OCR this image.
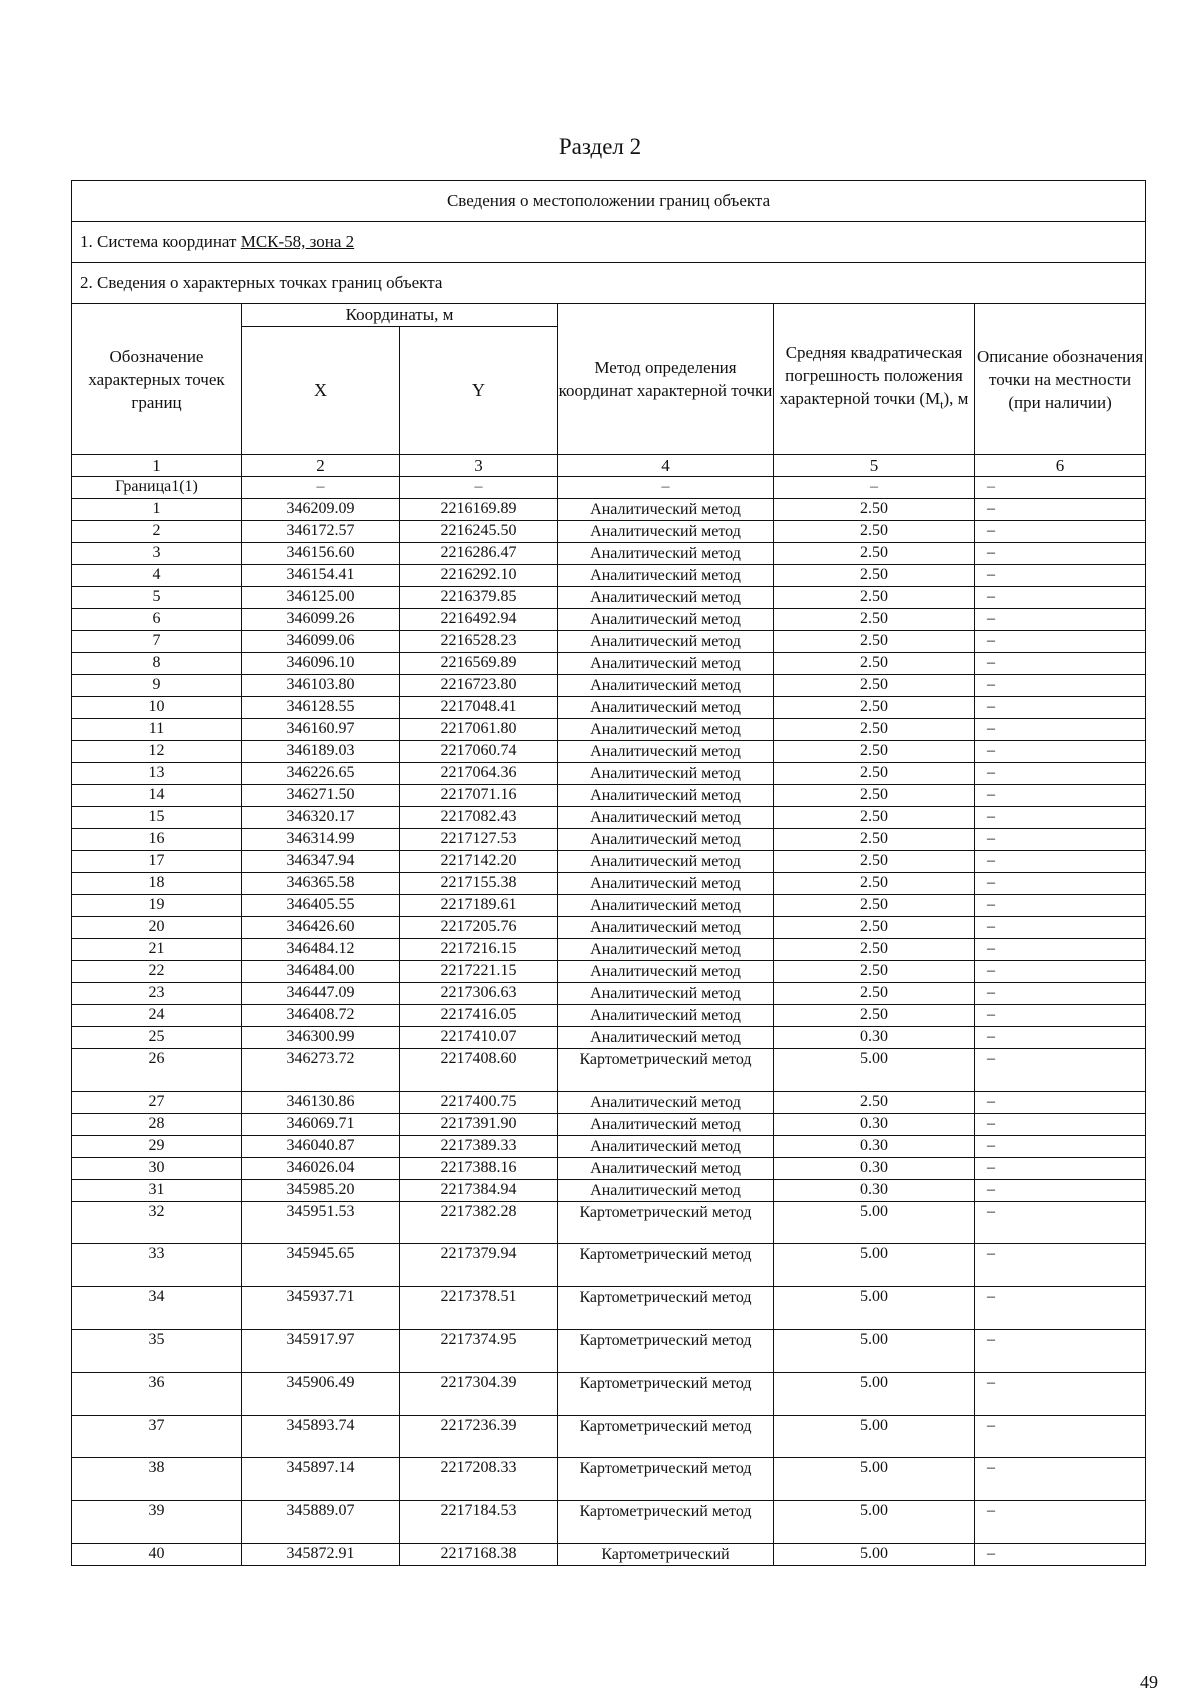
Раздел 2
Сведения о местоположении границ объекта					
1. Система координат МСК-58, зона 2					
2. Сведения о характерных точках границ объекта					
Обозначение характерных точек границ	Координаты, м		Метод определения координат характерной точки	Средняя квадратическая погрешность положения характерной точки $(M_t)$, м	Описание обозначения точки на местности (при наличии)
	X	Y			
1	2	3	4	5	6
Граница1(1)	–	–	–	–	–
1	346209.09	2216169.89	Аналитический метод	2.50	–
2	346172.57	2216245.50	Аналитический метод	2.50	–
3	346156.60	2216286.47	Аналитический метод	2.50	–
4	346154.41	2216292.10	Аналитический метод	2.50	–
5	346125.00	2216379.85	Аналитический метод	2.50	–
6	346099.26	2216492.94	Аналитический метод	2.50	–
7	346099.06	2216528.23	Аналитический метод	2.50	–
8	346096.10	2216569.89	Аналитический метод	2.50	–
9	346103.80	2216723.80	Аналитический метод	2.50	–
10	346128.55	2217048.41	Аналитический метод	2.50	–
11	346160.97	2217061.80	Аналитический метод	2.50	–
12	346189.03	2217060.74	Аналитический метод	2.50	–
13	346226.65	2217064.36	Аналитический метод	2.50	–
14	346271.50	2217071.16	Аналитический метод	2.50	–
15	346320.17	2217082.43	Аналитический метод	2.50	–
16	346314.99	2217127.53	Аналитический метод	2.50	–
17	346347.94	2217142.20	Аналитический метод	2.50	–
18	346365.58	2217155.38	Аналитический метод	2.50	–
19	346405.55	2217189.61	Аналитический метод	2.50	–
20	346426.60	2217205.76	Аналитический метод	2.50	–
21	346484.12	2217216.15	Аналитический метод	2.50	–
22	346484.00	2217221.15	Аналитический метод	2.50	–
23	346447.09	2217306.63	Аналитический метод	2.50	–
24	346408.72	2217416.05	Аналитический метод	2.50	–
25	346300.99	2217410.07	Аналитический метод	0.30	–
26	346273.72	2217408.60	Картометрический метод	5.00	–
27	346130.86	2217400.75	Аналитический метод	2.50	–
28	346069.71	2217391.90	Аналитический метод	0.30	–
29	346040.87	2217389.33	Аналитический метод	0.30	–
30	346026.04	2217388.16	Аналитический метод	0.30	–
31	345985.20	2217384.94	Аналитический метод	0.30	–
32	345951.53	2217382.28	Картометрический метод	5.00	–
33	345945.65	2217379.94	Картометрический метод	5.00	–
34	345937.71	2217378.51	Картометрический метод	5.00	–
35	345917.97	2217374.95	Картометрический метод	5.00	–
36	345906.49	2217304.39	Картометрический метод	5.00	–
37	345893.74	2217236.39	Картометрический метод	5.00	–
38	345897.14	2217208.33	Картометрический метод	5.00	–
39	345889.07	2217184.53	Картометрический метод	5.00	–
40	345872.91	2217168.38	Картометрический	5.00	–
49
